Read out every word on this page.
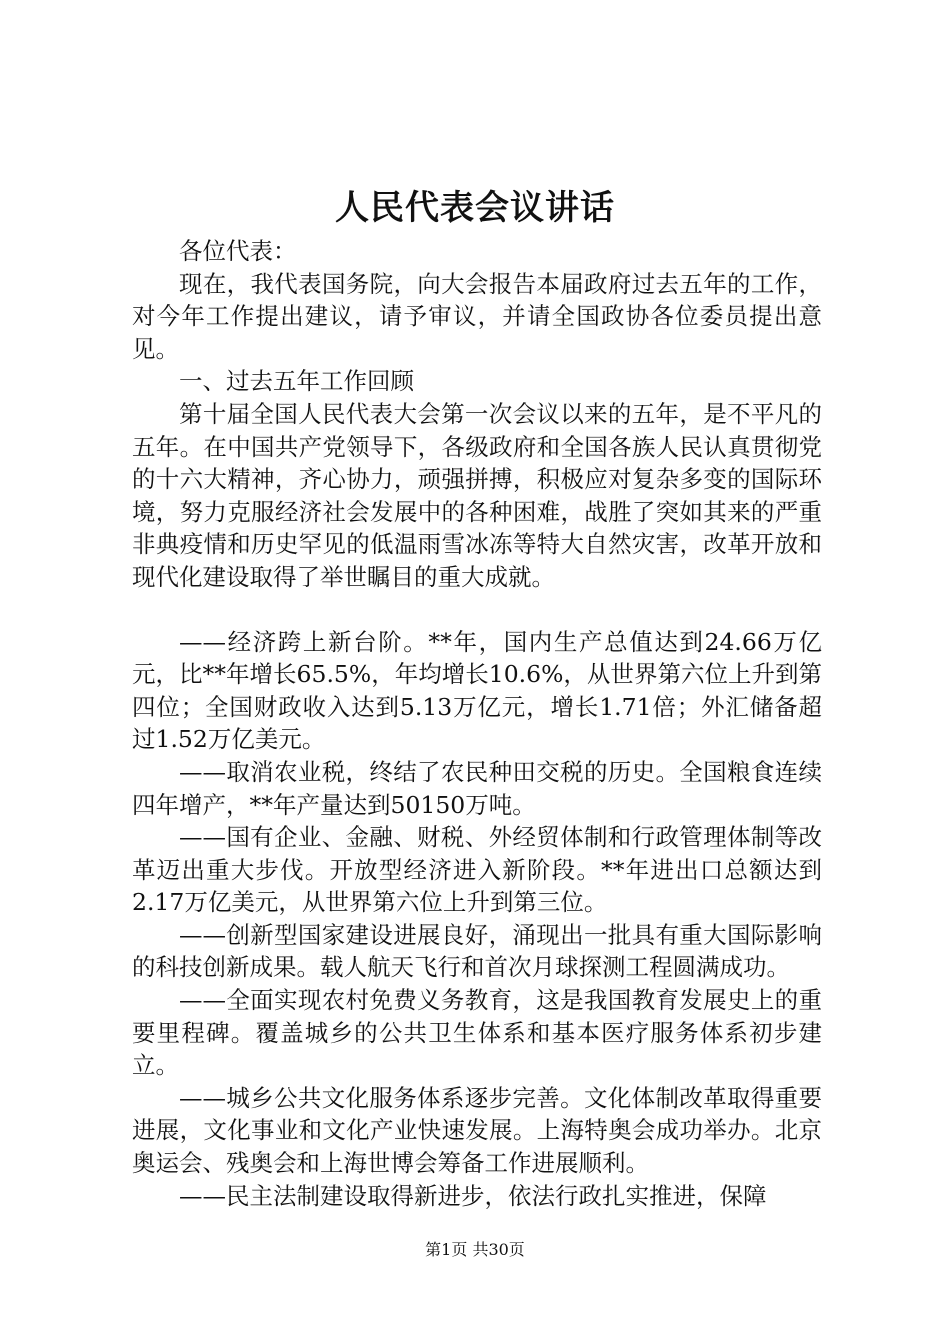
人民代表会议讲话

各位代表：

现在，我代表国务院，向大会报告本届政府过去五年的工作，对今年工作提出建议，请予审议，并请全国政协各位委员提出意见。

一、过去五年工作回顾

第十届全国人民代表大会第一次会议以来的五年，是不平凡的五年。在中国共产党领导下，各级政府和全国各族人民认真贯彻党的十六大精神，齐心协力，顽强拼搏，积极应对复杂多变的国际环境，努力克服经济社会发展中的各种困难，战胜了突如其来的严重非典疫情和历史罕见的低温雨雪冰冻等特大自然灾害，改革开放和现代化建设取得了举世瞩目的重大成就。

——经济跨上新台阶。**年，国内生产总值达到24.66万亿元，比**年增长65.5%，年均增长10.6%，从世界第六位上升到第四位；全国财政收入达到5.13万亿元，增长1.71倍；外汇储备超过1.52万亿美元。

——取消农业税，终结了农民种田交税的历史。全国粮食连续四年增产，**年产量达到50150万吨。

——国有企业、金融、财税、外经贸体制和行政管理体制等改革迈出重大步伐。开放型经济进入新阶段。**年进出口总额达到2.17万亿美元，从世界第六位上升到第三位。

——创新型国家建设进展良好，涌现出一批具有重大国际影响的科技创新成果。载人航天飞行和首次月球探测工程圆满成功。

——全面实现农村免费义务教育，这是我国教育发展史上的重要里程碑。覆盖城乡的公共卫生体系和基本医疗服务体系初步建立。

——城乡公共文化服务体系逐步完善。文化体制改革取得重要进展，文化事业和文化产业快速发展。上海特奥会成功举办。北京奥运会、残奥会和上海世博会筹备工作进展顺利。

——民主法制建设取得新进步，依法行政扎实推进，保障

第1页 共30页
